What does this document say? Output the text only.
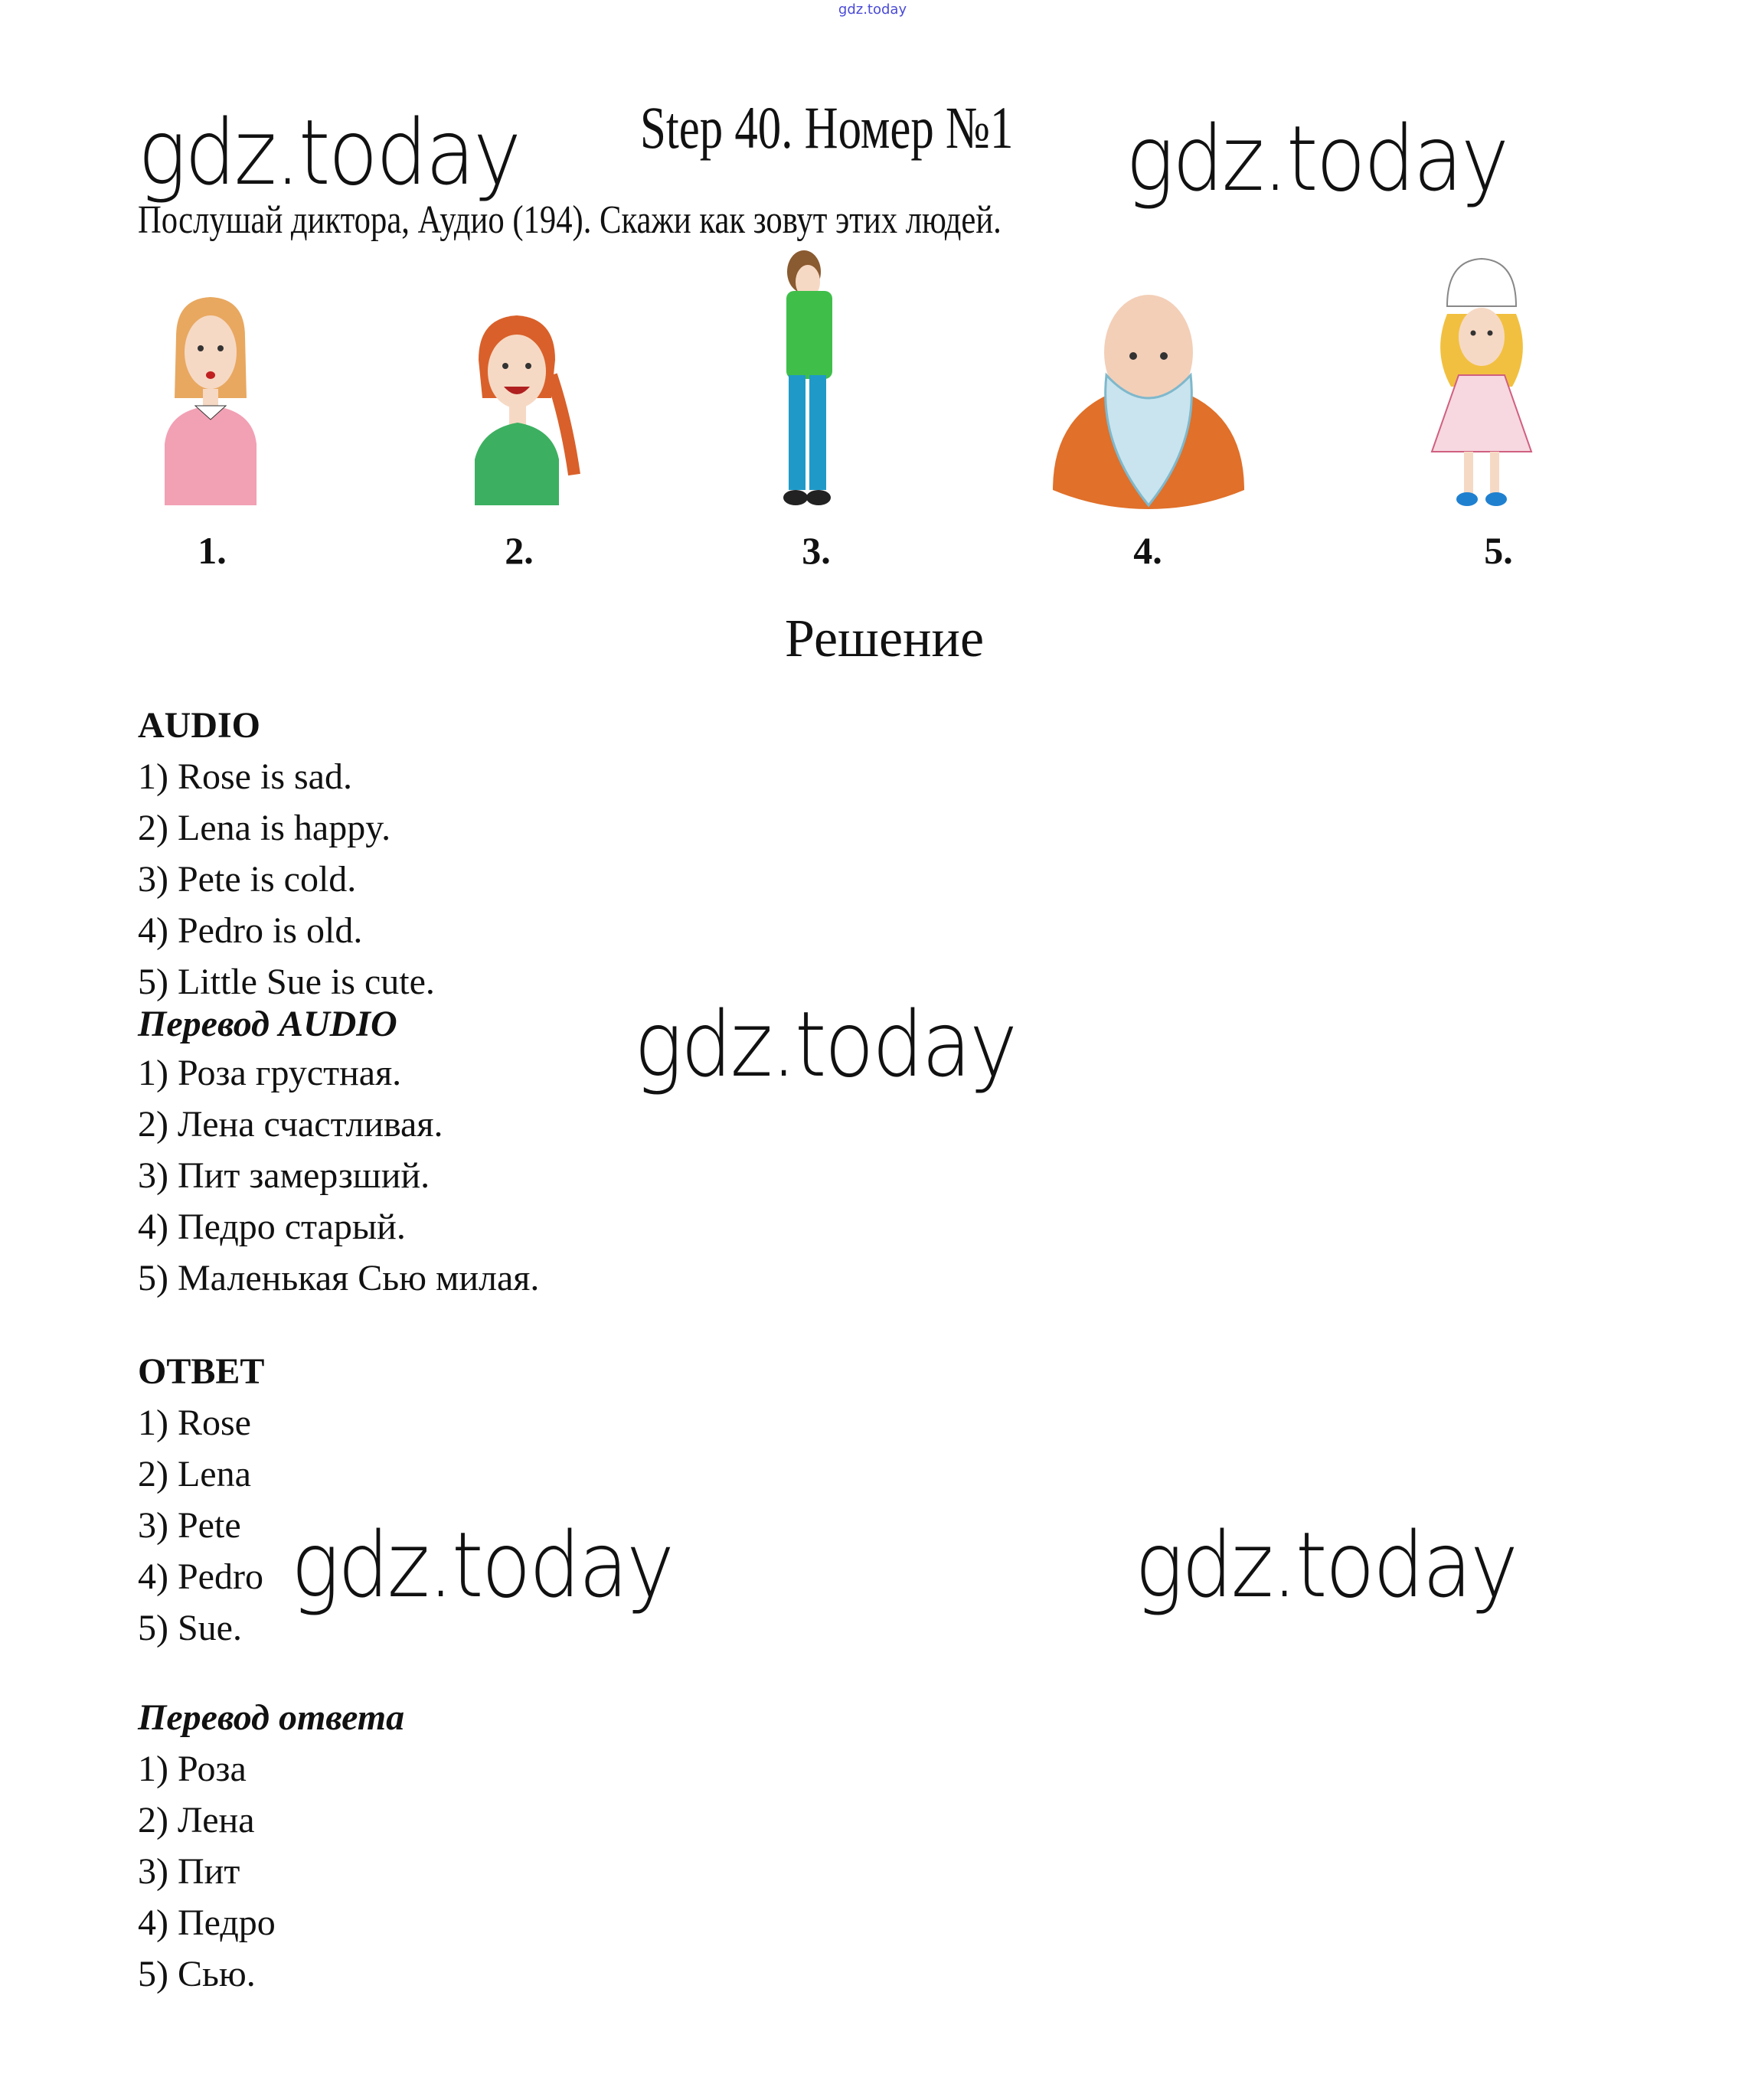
gdz.today
gdz.today	gdz.today
Step 40. Номер №1
Послушай диктора, Аудио (194). Скажи как зовут этих людей.
1.	2.	3.	4.	5.
Решение
AUDIO
1) Rose is sad.
2) Lena is happy.
3) Pete is cold.
4) Pedro is old.
5) Little Sue is cute.
Перевод AUDIO
1) Роза грустная.
2) Лена счастливая.
3) Пит замерзший.
4) Педро старый.
5) Маленькая Сью милая.
ОТВЕТ
1) Rose
2) Lena
3) Pete
4) Pedro
5) Sue.
Перевод ответа
1) Роза
2) Лена
3) Пит
4) Педро
5) Сью.
gdz.today
gdz.today	gdz.today
